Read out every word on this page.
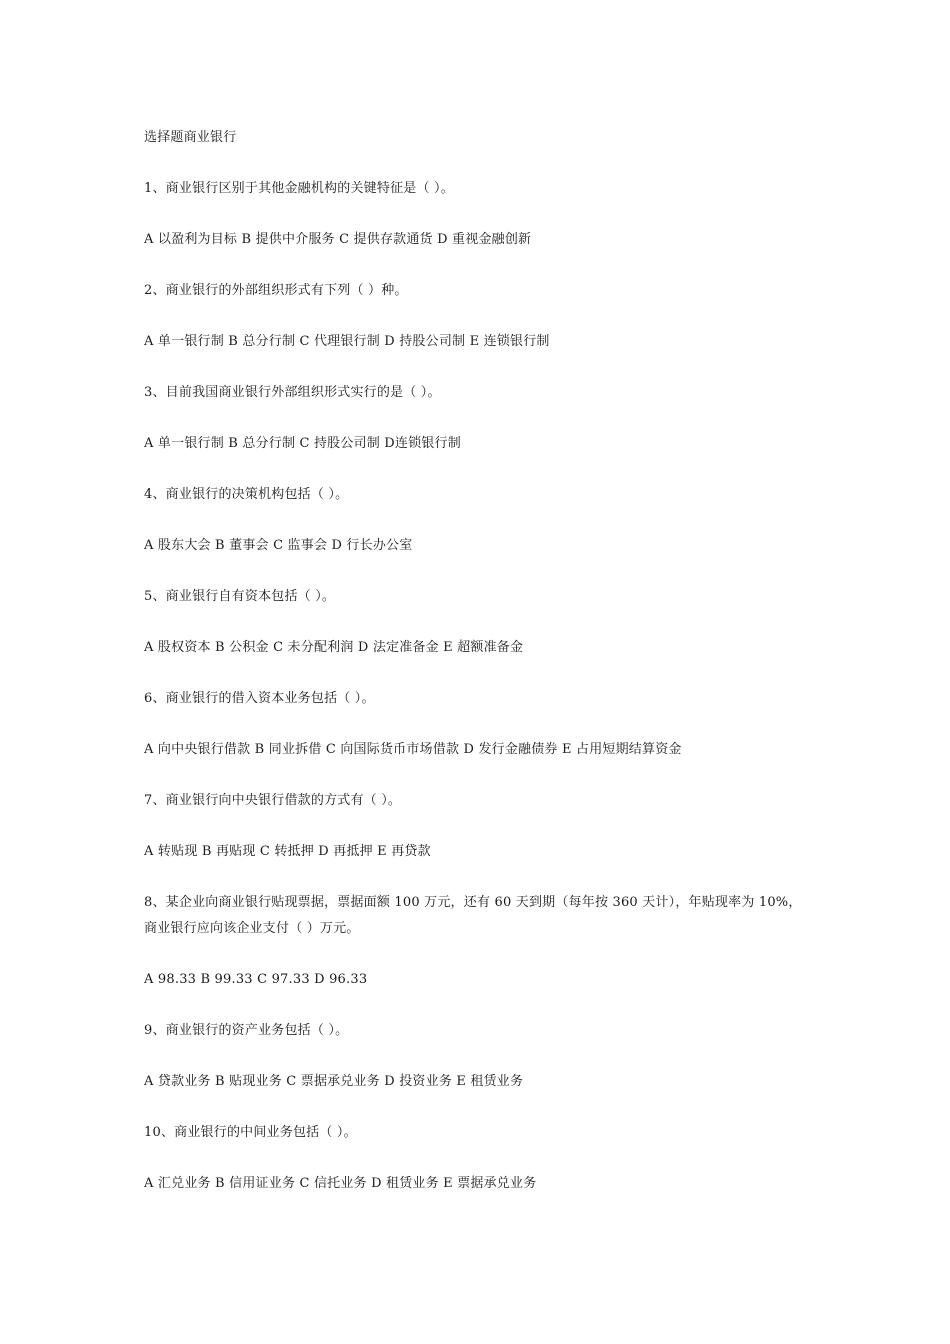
选择题商业银行
1、商业银行区别于其他金融机构的关键特征是（ ）。
A 以盈利为目标 B 提供中介服务 C 提供存款通货 D 重视金融创新
2、商业银行的外部组织形式有下列（ ）种。
A 单一银行制 B 总分行制 C 代理银行制 D 持股公司制 E 连锁银行制
3、目前我国商业银行外部组织形式实行的是（ ）。
A 单一银行制 B 总分行制 C 持股公司制 D连锁银行制
4、商业银行的决策机构包括（ ）。
A 股东大会 B 董事会 C 监事会 D 行长办公室
5、商业银行自有资本包括（ ）。
A 股权资本 B 公积金 C 未分配利润 D 法定准备金 E 超额准备金
6、商业银行的借入资本业务包括（ ）。
A 向中央银行借款 B 同业拆借 C 向国际货币市场借款 D 发行金融债券 E 占用短期结算资金
7、商业银行向中央银行借款的方式有（ ）。
A 转贴现 B 再贴现 C 转抵押 D 再抵押 E 再贷款
8、某企业向商业银行贴现票据，票据面额 100 万元，还有 60 天到期（每年按 360 天计），年贴现率为 10%，
商业银行应向该企业支付（ ）万元。
A 98.33 B 99.33 C 97.33 D 96.33
9、商业银行的资产业务包括（ ）。
A 贷款业务 B 贴现业务 C 票据承兑业务 D 投资业务 E 租赁业务
10、商业银行的中间业务包括（ ）。
A 汇兑业务 B 信用证业务 C 信托业务 D 租赁业务 E 票据承兑业务
